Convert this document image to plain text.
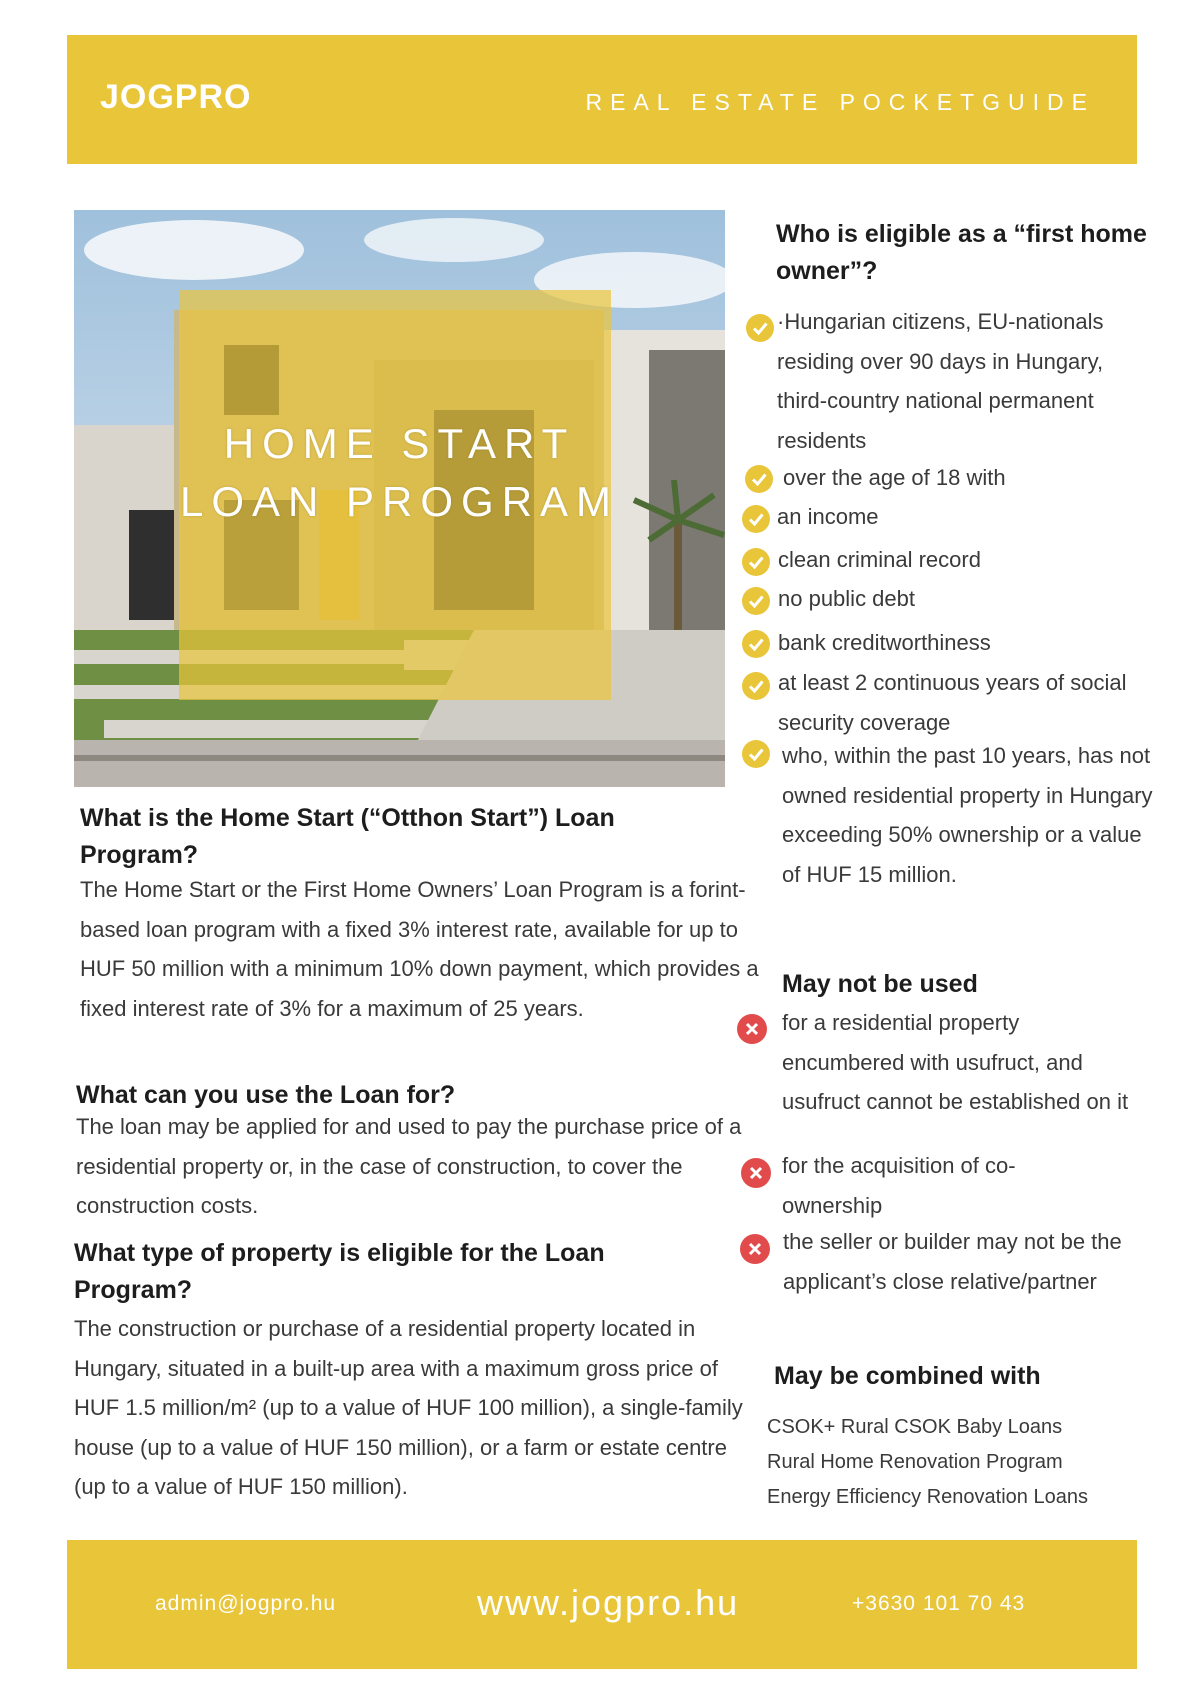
JOGPRO	REAL ESTATE POCKETGUIDE
HOME START
LOAN PROGRAM
What is the Home Start (“Otthon Start”) Loan Program?
The Home Start or the First Home Owners’ Loan Program is a forint-based loan program with a fixed 3% interest rate, available for up to HUF 50 million with a minimum 10% down payment, which provides a fixed interest rate of 3% for a maximum of 25 years.
What can you use the Loan for?
The loan may be applied for and used to pay the purchase price of a residential property or, in the case of construction, to cover the construction costs.
What type of property is eligible for the Loan Program?
The construction or purchase of a residential property located in Hungary, situated in a built-up area with a maximum gross price of HUF 1.5 million/m² (up to a value of HUF 100 million), a single-family house (up to a value of HUF 150 million), or a farm or estate centre (up to a value of HUF 150 million).
Who is eligible as a “first home owner”?
·Hungarian citizens, EU-nationals residing over 90 days in Hungary, third-country national permanent residents
over the age of 18 with
an income
clean criminal record
no public debt
bank creditworthiness
at least 2 continuous years of social security coverage
who, within the past 10 years, has not owned residential property in Hungary exceeding 50% ownership or a value of HUF 15 million.
May not be used
for a residential property encumbered with usufruct, and usufruct cannot be established on it
for the acquisition of co-ownership
the seller or builder may not be the applicant’s close relative/partner
May be combined with
CSOK+ Rural CSOK Baby Loans
Rural Home Renovation Program
Energy Efficiency Renovation Loans
admin@jogpro.hu	www.jogpro.hu	+3630 101 70 43
